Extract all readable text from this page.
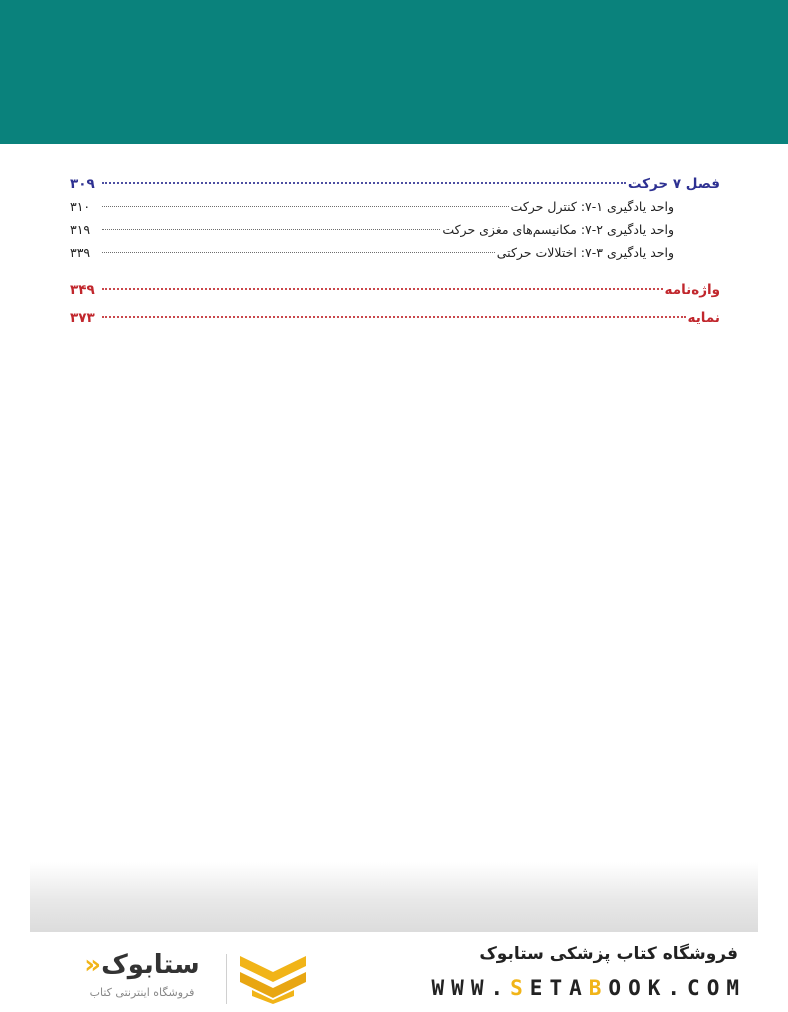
فصل ۷ حرکت
۳۰۹
واحد یادگیری ۱-۷: کنترل حرکت
۳۱۰
واحد یادگیری ۲-۷: مکانیسم‌های مغزی حرکت
۳۱۹
واحد یادگیری ۳-۷: اختلالات حرکتی
۳۳۹
واژه‌نامه
۳۴۹
نمایه
۳۷۳
ستابوک«
فروشگاه اینترنتی کتاب
فروشگاه کتاب پزشکی ستابوک
WWW.SETABOOK.COM
